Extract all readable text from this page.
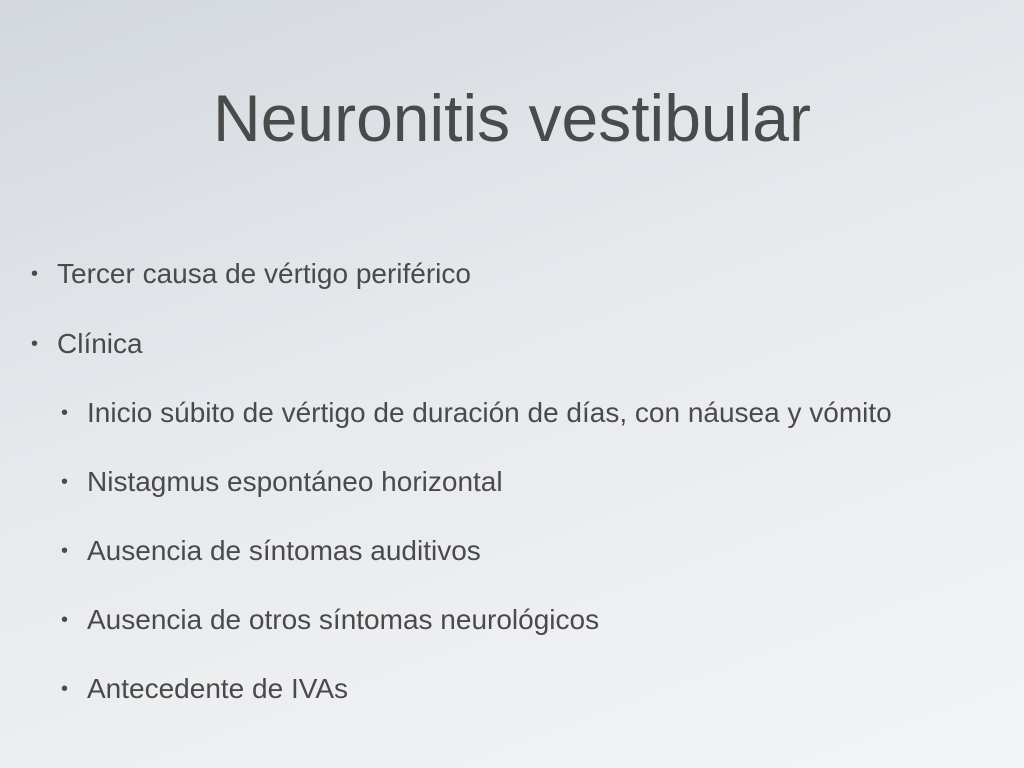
Neuronitis vestibular
• Tercer causa de vértigo periférico
• Clínica
• Inicio súbito de vértigo de duración de días, con náusea y vómito
• Nistagmus espontáneo horizontal
• Ausencia de síntomas auditivos
• Ausencia de otros síntomas neurológicos
• Antecedente de IVAs
